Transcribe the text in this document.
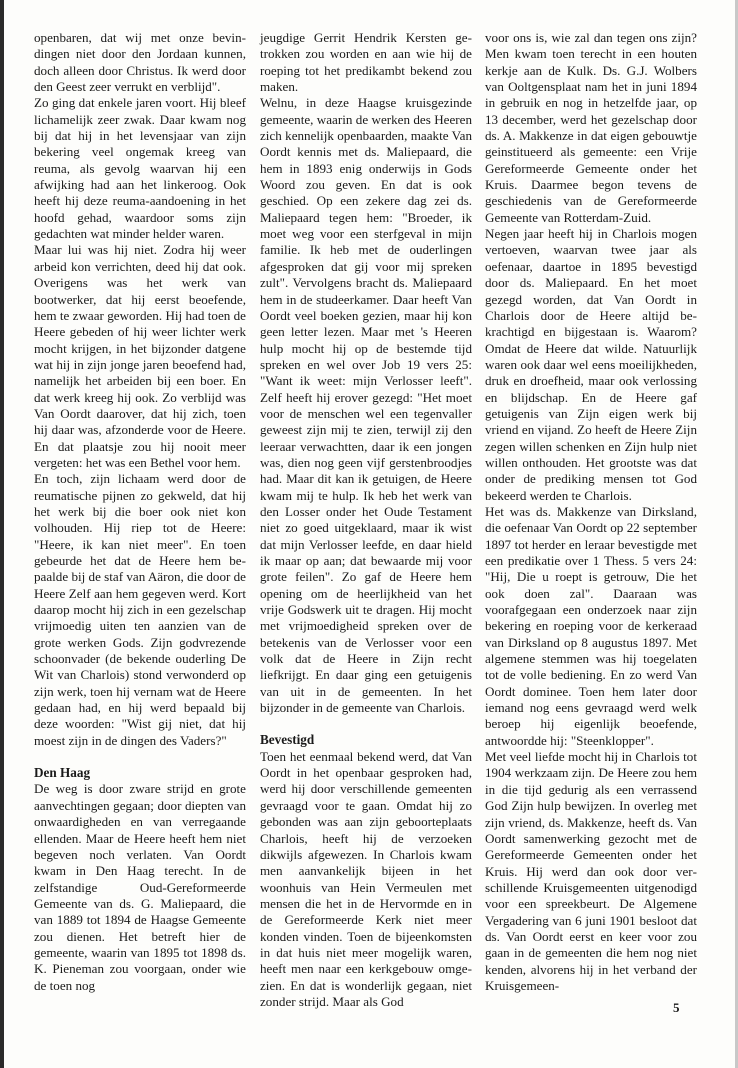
openbaren, dat wij met onze bevindingen niet door den Jordaan kunnen, doch alleen door Christus. Ik werd door den Geest zeer verrukt en verblijd".

Zo ging dat enkele jaren voort. Hij bleef lichamelijk zeer zwak. Daar kwam nog bij dat hij in het levensjaar van zijn bekering veel ongemak kreeg van reuma, als gevolg waarvan hij een afwijking had aan het linkeroog. Ook heeft hij deze reuma-aandoening in het hoofd gehad, waardoor soms zijn gedachten wat minder helder waren.

Maar lui was hij niet. Zodra hij weer arbeid kon verrichten, deed hij dat ook. Overigens was het werk van bootwerker, dat hij eerst beoefende, hem te zwaar geworden. Hij had toen de Heere gebeden of hij weer lichter werk mocht krijgen, in het bijzonder datgene wat hij in zijn jonge jaren beoefend had, namelijk het arbeiden bij een boer. En dat werk kreeg hij ook. Zo verblijd was Van Oordt daarover, dat hij zich, toen hij daar was, afzonderde voor de Heere. En dat plaatsje zou hij nooit meer vergeten: het was een Bethel voor hem.

En toch, zijn lichaam werd door de reumatische pijnen zo gekweld, dat hij het werk bij die boer ook niet kon volhouden. Hij riep tot de Heere: "Heere, ik kan niet meer". En toen gebeurde het dat de Heere hem bepaalde bij de staf van Aäron, die door de Heere Zelf aan hem gegeven werd. Kort daarop mocht hij zich in een gezelschap vrijmoedig uiten ten aanzien van de grote werken Gods. Zijn godvrezende schoonvader (de bekende ouderling De Wit van Charlois) stond verwonderd op zijn werk, toen hij vernam wat de Heere gedaan had, en hij werd bepaald bij deze woorden: "Wist gij niet, dat hij moest zijn in de dingen des Vaders?"

Den Haag

De weg is door zware strijd en grote aanvechtingen gegaan; door diepten van onwaardigheden en van verregaande ellenden. Maar de Heere heeft hem niet begeven noch verlaten. Van Oordt kwam in Den Haag terecht. In de zelfstandige Oud-Gereformeerde Gemeente van ds. G. Maliepaard, die van 1889 tot 1894 de Haagse Gemeente zou dienen. Het betreft hier de gemeente, waarin van 1895 tot 1898 ds. K. Pieneman zou voorgaan, onder wie de toen nog

jeugdige Gerrit Hendrik Kersten getrokken zou worden en aan wie hij de roeping tot het predikambt bekend zou maken.

Welnu, in deze Haagse kruisgezinde gemeente, waarin de werken des Heeren zich kennelijk openbaarden, maakte Van Oordt kennis met ds. Maliepaard, die hem in 1893 enig onderwijs in Gods Woord zou geven. En dat is ook geschied. Op een zekere dag zei ds. Maliepaard tegen hem: "Broeder, ik moet weg voor een sterfgeval in mijn familie. Ik heb met de ouderlingen afgesproken dat gij voor mij spreken zult". Vervolgens bracht ds. Maliepaard hem in de studeerkamer. Daar heeft Van Oordt veel boeken gezien, maar hij kon geen letter lezen. Maar met 's Heeren hulp mocht hij op de bestemde tijd spreken en wel over Job 19 vers 25: "Want ik weet: mijn Verlosser leeft". Zelf heeft hij erover gezegd: "Het moet voor de menschen wel een tegenvaller geweest zijn mij te zien, terwijl zij den leeraar verwachtten, daar ik een jongen was, dien nog geen vijf gerstenbroodjes had. Maar dit kan ik getuigen, de Heere kwam mij te hulp. Ik heb het werk van den Losser onder het Oude Testament niet zo goed uitgeklaard, maar ik wist dat mijn Verlosser leefde, en daar hield ik maar op aan; dat bewaarde mij voor grote feilen". Zo gaf de Heere hem opening om de heerlijkheid van het vrije Godswerk uit te dragen. Hij mocht met vrijmoedigheid spreken over de betekenis van de Verlosser voor een volk dat de Heere in Zijn recht liefkrijgt. En daar ging een getuigenis van uit in de gemeenten. In het bijzonder in de gemeente van Charlois.

Bevestigd

Toen het eenmaal bekend werd, dat Van Oordt in het openbaar gesproken had, werd hij door verschillende gemeenten gevraagd voor te gaan. Omdat hij zo gebonden was aan zijn geboorteplaats Charlois, heeft hij de verzoeken dikwijls afgewezen. In Charlois kwam men aanvankelijk bijeen in het woonhuis van Hein Vermeulen met mensen die het in de Hervormde en in de Gereformeerde Kerk niet meer konden vinden. Toen de bijeenkomsten in dat huis niet meer mogelijk waren, heeft men naar een kerkgebouw omgezien. En dat is wonderlijk gegaan, niet zonder strijd. Maar als God

voor ons is, wie zal dan tegen ons zijn? Men kwam toen terecht in een houten kerkje aan de Kulk. Ds. G.J. Wolbers van Ooltgensplaat nam het in juni 1894 in gebruik en nog in hetzelfde jaar, op 13 december, werd het gezelschap door ds. A. Makkenze in dat eigen gebouwtje geinstitueerd als gemeente: een Vrije Gereformeerde Gemeente onder het Kruis. Daarmee begon tevens de geschiedenis van de Gereformeerde Gemeente van Rotterdam-Zuid.

Negen jaar heeft hij in Charlois mogen vertoeven, waarvan twee jaar als oefenaar, daartoe in 1895 bevestigd door ds. Maliepaard. En het moet gezegd worden, dat Van Oordt in Charlois door de Heere altijd bekrachtigd en bijgestaan is. Waarom? Omdat de Heere dat wilde. Natuurlijk waren ook daar wel eens moeilijkheden, druk en droefheid, maar ook verlossing en blijdschap. En de Heere gaf getuigenis van Zijn eigen werk bij vriend en vijand. Zo heeft de Heere Zijn zegen willen schenken en Zijn hulp niet willen onthouden. Het grootste was dat onder de prediking mensen tot God bekeerd werden te Charlois.

Het was ds. Makkenze van Dirksland, die oefenaar Van Oordt op 22 september 1897 tot herder en leraar bevestigde met een predikatie over 1 Thess. 5 vers 24: "Hij, Die u roept is getrouw, Die het ook doen zal". Daaraan was voorafgegaan een onderzoek naar zijn bekering en roeping voor de kerkeraad van Dirksland op 8 augustus 1897. Met algemene stemmen was hij toegelaten tot de volle bediening. En zo werd Van Oordt dominee. Toen hem later door iemand nog eens gevraagd werd welk beroep hij eigenlijk beoefende, antwoordde hij: "Steenklopper".

Met veel liefde mocht hij in Charlois tot 1904 werkzaam zijn. De Heere zou hem in die tijd gedurig als een verrassend God Zijn hulp bewijzen. In overleg met zijn vriend, ds. Makkenze, heeft ds. Van Oordt samenwerking gezocht met de Gereformeerde Gemeenten onder het Kruis. Hij werd dan ook door verschillende Kruisgemeenten uitgenodigd voor een spreekbeurt. De Algemene Vergadering van 6 juni 1901 besloot dat ds. Van Oordt eerst en keer voor zou gaan in de gemeenten die hem nog niet kenden, alvorens hij in het verband der Kruisgemeen-

5
